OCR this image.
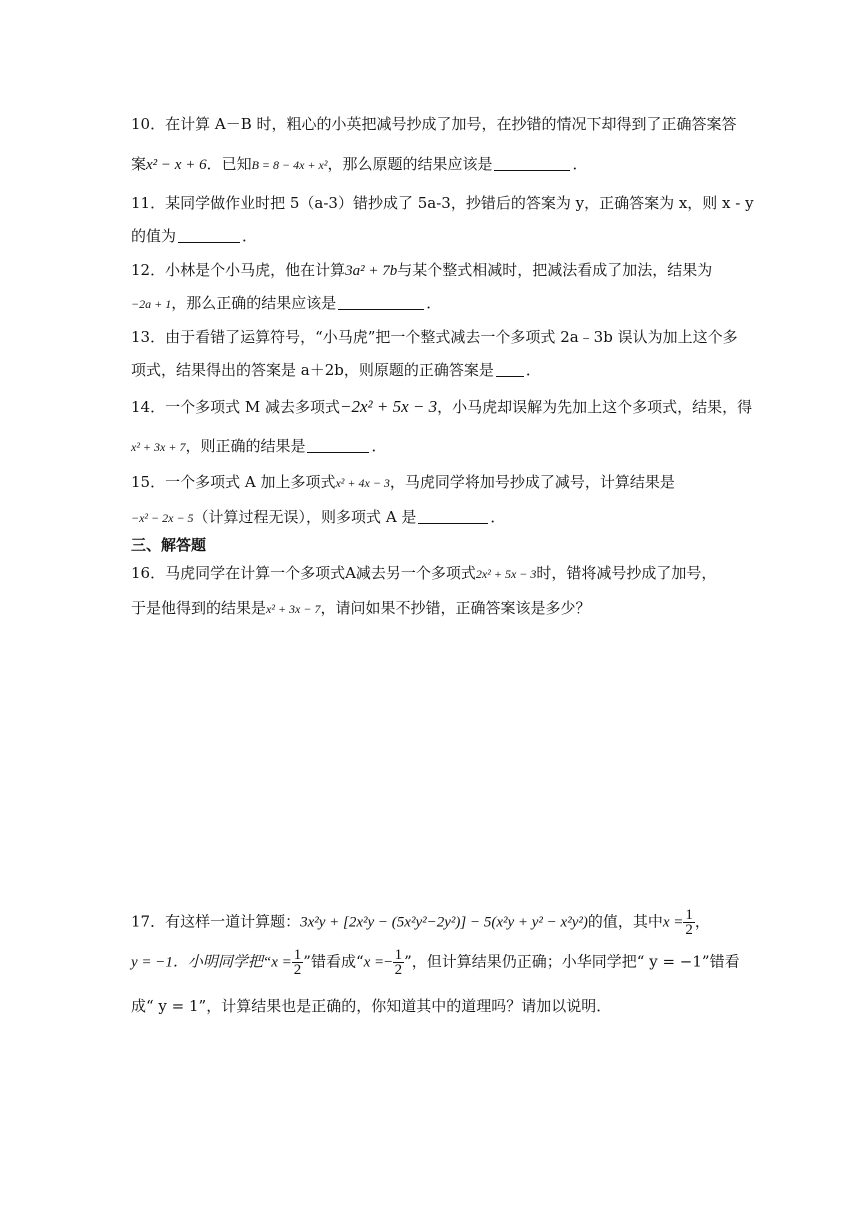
10．在计算 A－B 时，粗心的小英把减号抄成了加号，在抄错的情况下却得到了正确答案答
案x² − x + 6．已知B = 8 − 4x + x²，那么原题的结果应该是	．
11．某同学做作业时把 5（a-3）错抄成了 5a-3，抄错后的答案为 y，正确答案为 x，则 x - y
的值为	．
12．小林是个小马虎，他在计算3a² + 7b与某个整式相减时，把减法看成了加法，结果为
−2a + 1，那么正确的结果应该是	．
13．由于看错了运算符号，“小马虎”把一个整式减去一个多项式 2a﹣3b 误认为加上这个多
项式，结果得出的答案是 a＋2b，则原题的正确答案是 ．
14．一个多项式 M 减去多项式−2x² + 5x − 3，小马虎却误解为先加上这个多项式，结果，得
x² + 3x + 7，则正确的结果是	．
15．一个多项式 A 加上多项式x² + 4x − 3，马虎同学将加号抄成了减号，计算结果是
−x² − 2x − 5（计算过程无误），则多项式 A 是	．
三、解答题
16．马虎同学在计算一个多项式A减去另一个多项式2x² + 5x − 3时，错将减号抄成了加号，
于是他得到的结果是x² + 3x − 7，请问如果不抄错，正确答案该是多少？
17．有这样一道计算题：3x²y + [2x²y − (5x²y²−2y²)] − 5(x²y + y² − x²y²)的值，其中$x = \frac{1}{2}$ ，
y = −1．小明同学把“$x = \frac{1}{2}$ ”错看成“$x =- \frac{1}{2}$ ”，但计算结果仍正确；小华同学把“ y = −1”错看
成“ y = 1”，计算结果也是正确的，你知道其中的道理吗？请加以说明．
